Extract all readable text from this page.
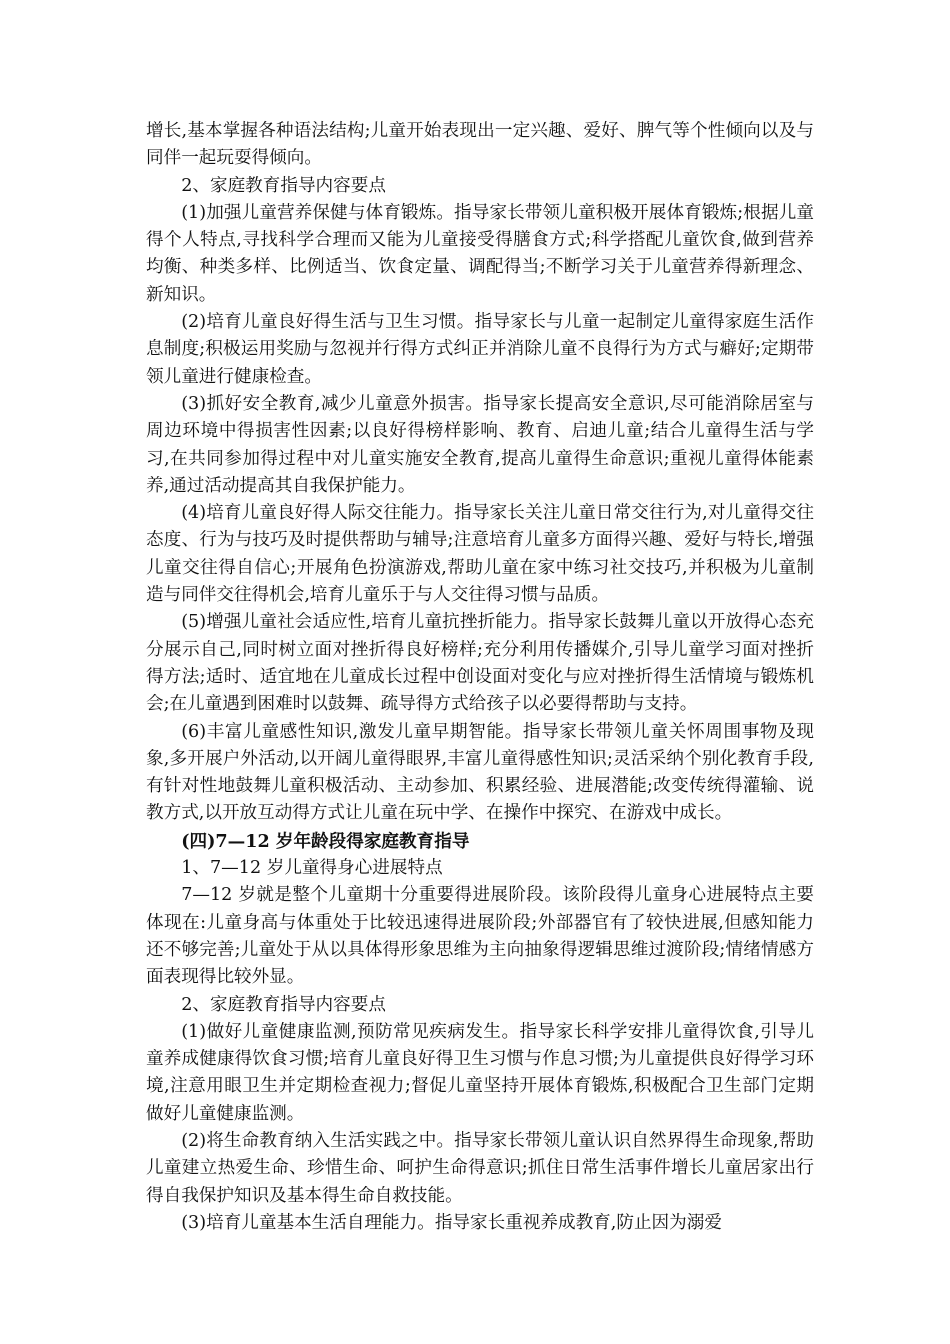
增长,基本掌握各种语法结构;儿童开始表现出一定兴趣、爱好、脾气等个性倾向以及与同伴一起玩耍得倾向。

2、家庭教育指导内容要点

(1)加强儿童营养保健与体育锻炼。指导家长带领儿童积极开展体育锻炼;根据儿童得个人特点,寻找科学合理而又能为儿童接受得膳食方式;科学搭配儿童饮食,做到营养均衡、种类多样、比例适当、饮食定量、调配得当;不断学习关于儿童营养得新理念、新知识。

(2)培育儿童良好得生活与卫生习惯。指导家长与儿童一起制定儿童得家庭生活作息制度;积极运用奖励与忽视并行得方式纠正并消除儿童不良得行为方式与癖好;定期带领儿童进行健康检查。

(3)抓好安全教育,减少儿童意外损害。指导家长提高安全意识,尽可能消除居室与周边环境中得损害性因素;以良好得榜样影响、教育、启迪儿童;结合儿童得生活与学习,在共同参加得过程中对儿童实施安全教育,提高儿童得生命意识;重视儿童得体能素养,通过活动提高其自我保护能力。

(4)培育儿童良好得人际交往能力。指导家长关注儿童日常交往行为,对儿童得交往态度、行为与技巧及时提供帮助与辅导;注意培育儿童多方面得兴趣、爱好与特长,增强儿童交往得自信心;开展角色扮演游戏,帮助儿童在家中练习社交技巧,并积极为儿童制造与同伴交往得机会,培育儿童乐于与人交往得习惯与品质。

(5)增强儿童社会适应性,培育儿童抗挫折能力。指导家长鼓舞儿童以开放得心态充分展示自己,同时树立面对挫折得良好榜样;充分利用传播媒介,引导儿童学习面对挫折得方法;适时、适宜地在儿童成长过程中创设面对变化与应对挫折得生活情境与锻炼机会;在儿童遇到困难时以鼓舞、疏导得方式给孩子以必要得帮助与支持。

(6)丰富儿童感性知识,激发儿童早期智能。指导家长带领儿童关怀周围事物及现象,多开展户外活动,以开阔儿童得眼界,丰富儿童得感性知识;灵活采纳个别化教育手段,有针对性地鼓舞儿童积极活动、主动参加、积累经验、进展潜能;改变传统得灌输、说教方式,以开放互动得方式让儿童在玩中学、在操作中探究、在游戏中成长。

(四)7—12 岁年龄段得家庭教育指导

1、7—12 岁儿童得身心进展特点

7—12 岁就是整个儿童期十分重要得进展阶段。该阶段得儿童身心进展特点主要体现在:儿童身高与体重处于比较迅速得进展阶段;外部器官有了较快进展,但感知能力还不够完善;儿童处于从以具体得形象思维为主向抽象得逻辑思维过渡阶段;情绪情感方面表现得比较外显。

2、家庭教育指导内容要点

(1)做好儿童健康监测,预防常见疾病发生。指导家长科学安排儿童得饮食,引导儿童养成健康得饮食习惯;培育儿童良好得卫生习惯与作息习惯;为儿童提供良好得学习环境,注意用眼卫生并定期检查视力;督促儿童坚持开展体育锻炼,积极配合卫生部门定期做好儿童健康监测。

(2)将生命教育纳入生活实践之中。指导家长带领儿童认识自然界得生命现象,帮助儿童建立热爱生命、珍惜生命、呵护生命得意识;抓住日常生活事件增长儿童居家出行得自我保护知识及基本得生命自救技能。

(3)培育儿童基本生活自理能力。指导家长重视养成教育,防止因为溺爱
